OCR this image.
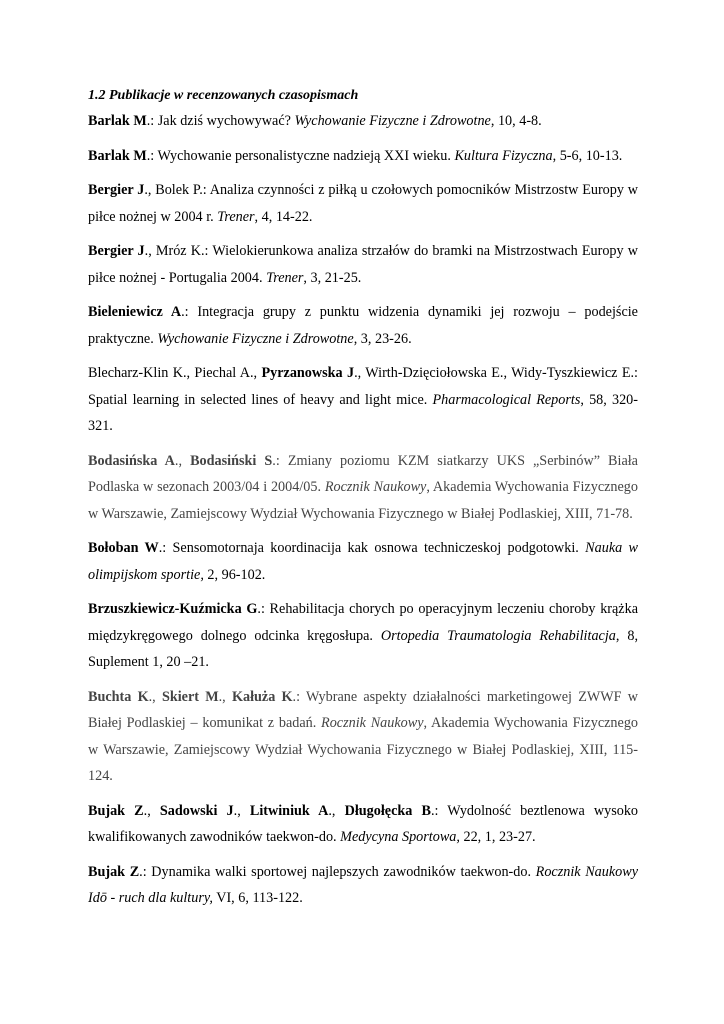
1.2 Publikacje w recenzowanych czasopismach

Barlak M.: Jak dziś wychowywać? Wychowanie Fizyczne i Zdrowotne, 10, 4-8.

Barlak M.: Wychowanie personalistyczne nadzieją XXI wieku. Kultura Fizyczna, 5-6, 10-13.

Bergier J., Bolek P.: Analiza czynności z piłką u czołowych pomocników Mistrzostw Europy w piłce nożnej w 2004 r. Trener, 4, 14-22.

Bergier J., Mróz K.: Wielokierunkowa analiza strzałów do bramki na Mistrzostwach Europy w piłce nożnej - Portugalia 2004. Trener, 3, 21-25.

Bieleniewicz A.: Integracja grupy z punktu widzenia dynamiki jej rozwoju – podejście praktyczne. Wychowanie Fizyczne i Zdrowotne, 3, 23-26.

Blecharz-Klin K., Piechal A., Pyrzanowska J., Wirth-Dzięciołowska E., Widy-Tyszkiewicz E.: Spatial learning in selected lines of heavy and light mice. Pharmacological Reports, 58, 320-321.

Bodasińska A., Bodasiński S.: Zmiany poziomu KZM siatkarzy UKS „Serbinów” Biała Podlaska w sezonach 2003/04 i 2004/05. Rocznik Naukowy, Akademia Wychowania Fizycznego w Warszawie, Zamiejscowy Wydział Wychowania Fizycznego w Białej Podlaskiej, XIII, 71-78.

Bołoban W.: Sensomotornaja koordinacija kak osnowa techniczeskoj podgotowki. Nauka w olimpijskom sportie, 2, 96-102.

Brzuszkiewicz-Kuźmicka G.: Rehabilitacja chorych po operacyjnym leczeniu choroby krążka międzykręgowego dolnego odcinka kręgosłupa. Ortopedia Traumatologia Rehabilitacja, 8, Suplement 1, 20 –21.

Buchta K., Skiert M., Kałuża K.: Wybrane aspekty działalności marketingowej ZWWF w Białej Podlaskiej – komunikat z badań. Rocznik Naukowy, Akademia Wychowania Fizycznego w Warszawie, Zamiejscowy Wydział Wychowania Fizycznego w Białej Podlaskiej, XIII, 115-124.

Bujak Z., Sadowski J., Litwiniuk A., Długołęcka B.: Wydolność beztlenowa wysoko kwalifikowanych zawodników taekwon-do. Medycyna Sportowa, 22, 1, 23-27.

Bujak Z.: Dynamika walki sportowej najlepszych zawodników taekwon-do. Rocznik Naukowy Idō - ruch dla kultury, VI, 6, 113-122.
